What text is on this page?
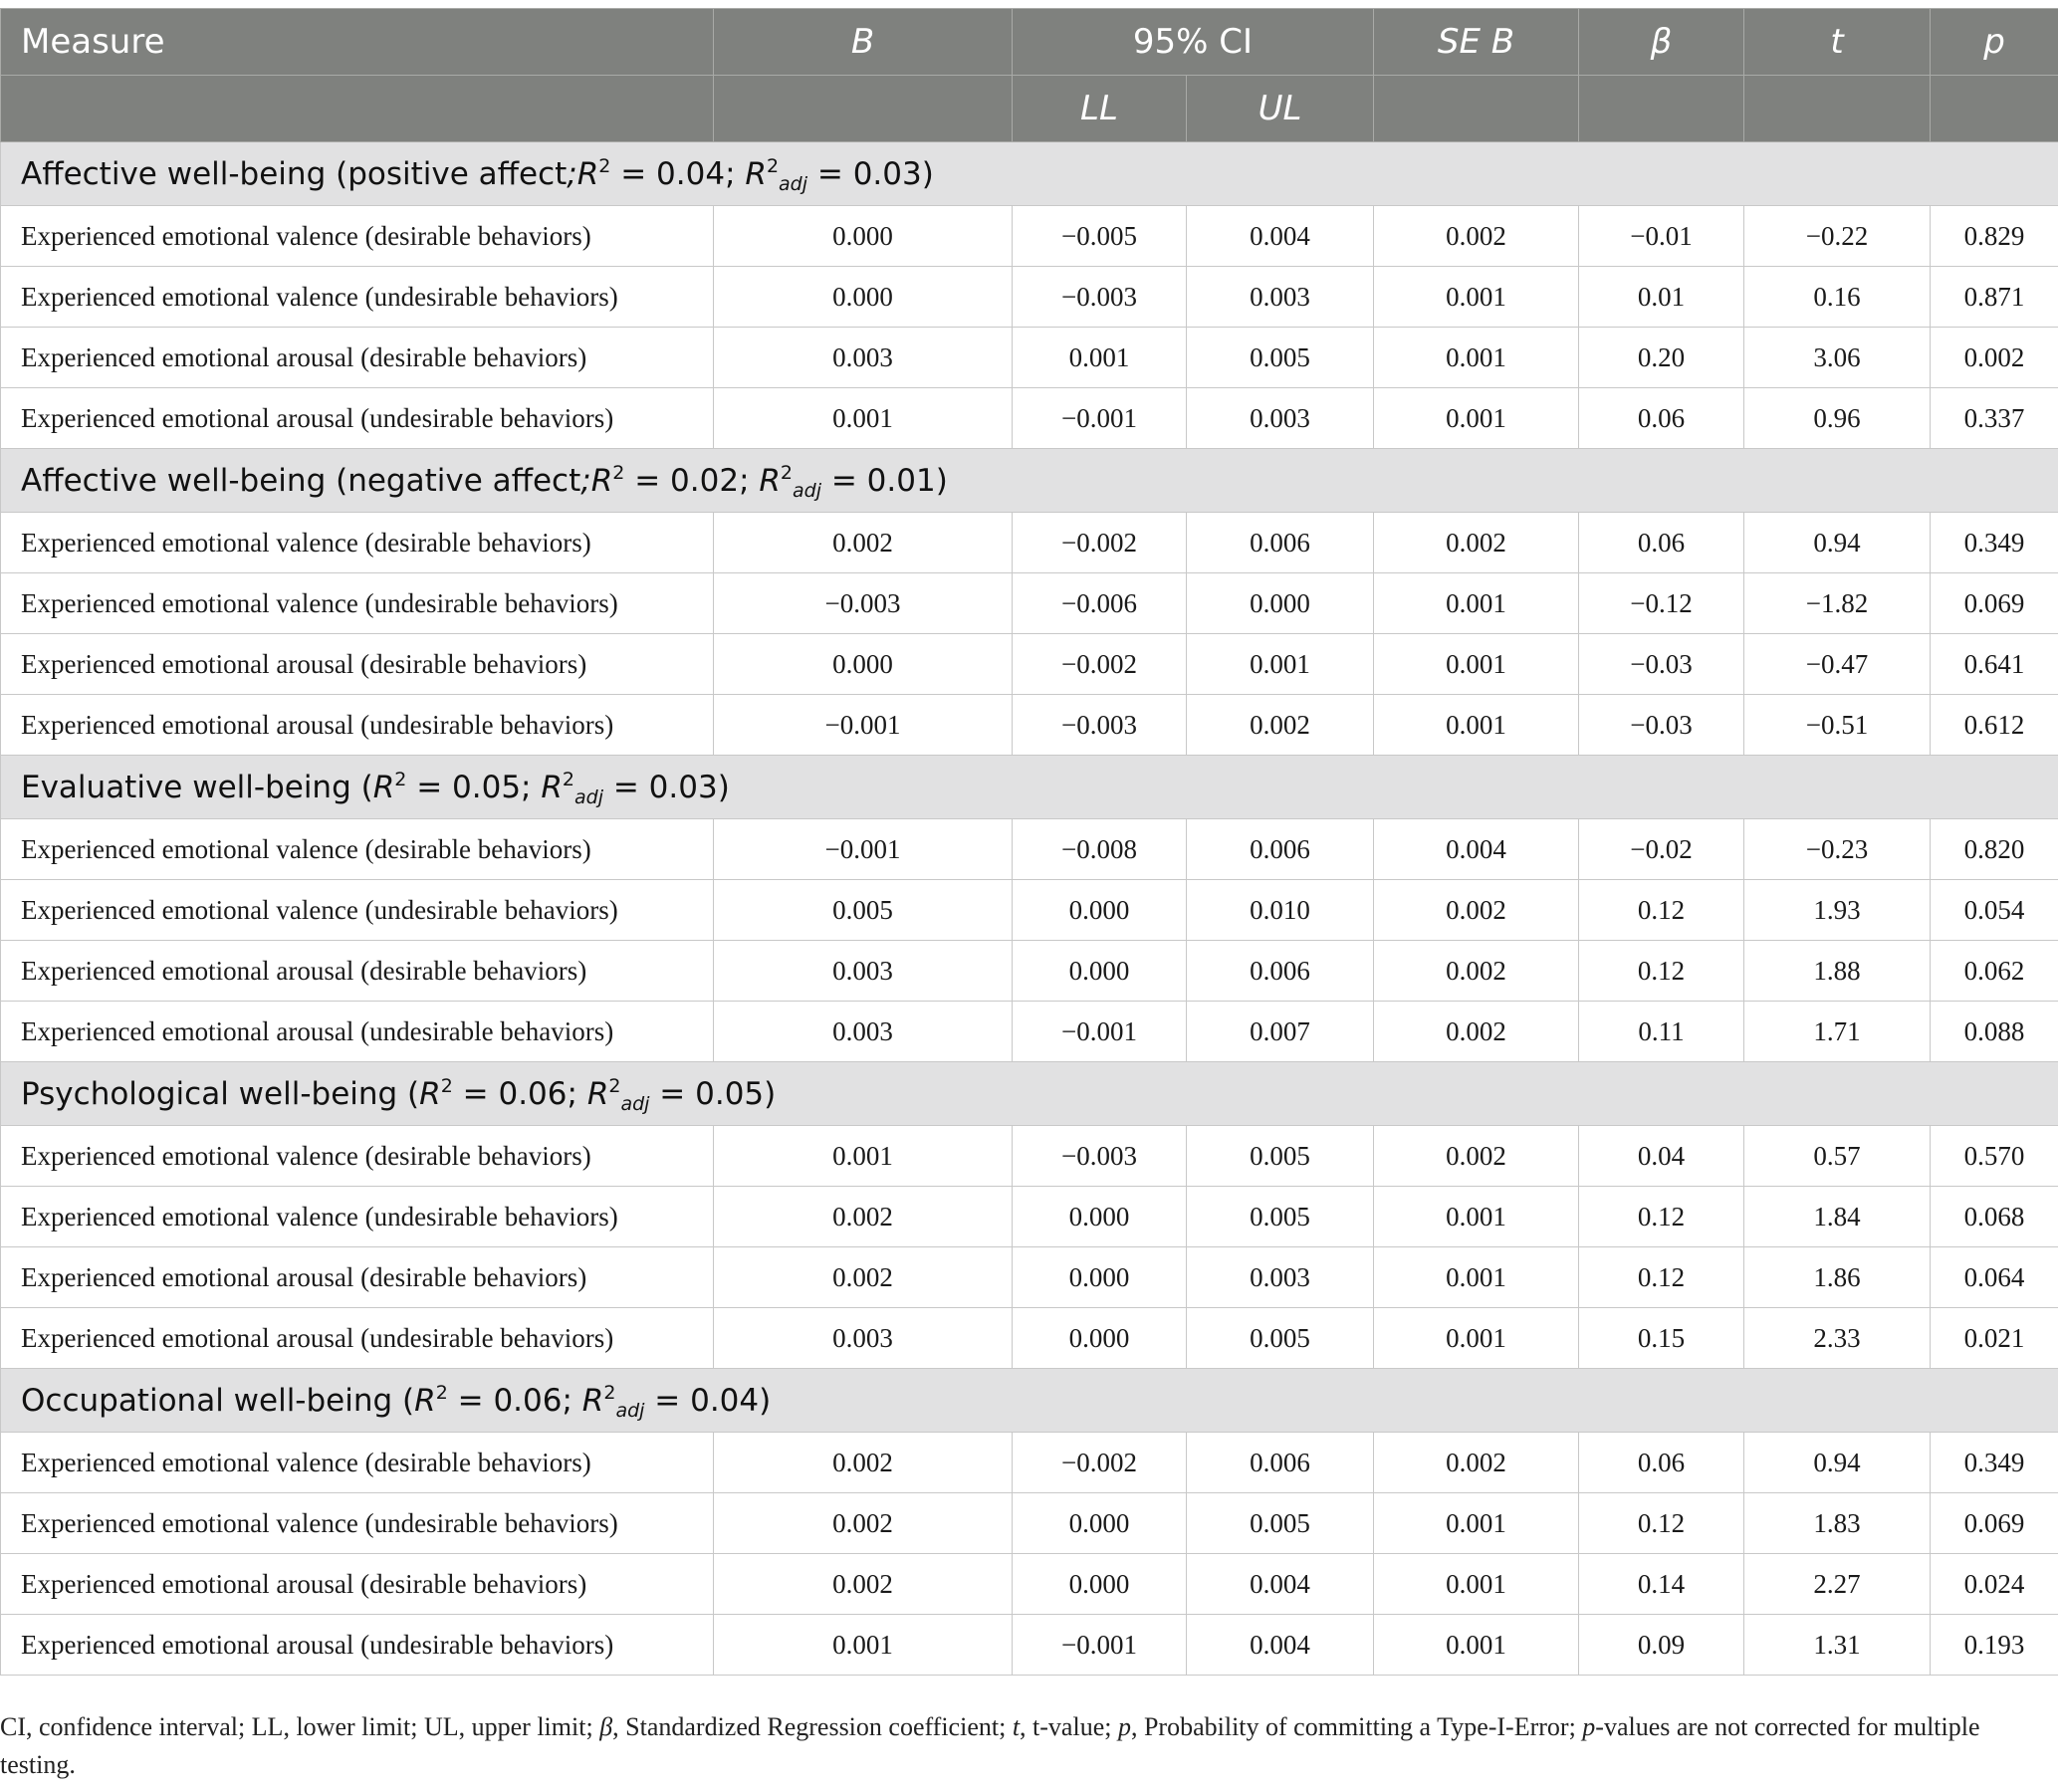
Measure	B	95% CI		SE B	β	t	p
		LL	UL				
Affective well-being (positive $affect;R^2 = 0.04$; $R^2_{adj} = 0.03$)							
Experienced emotional valence (desirable behaviors)	0.000	−0.005	0.004	0.002	−0.01	−0.22	0.829
Experienced emotional valence (undesirable behaviors)	0.000	−0.003	0.003	0.001	0.01	0.16	0.871
Experienced emotional arousal (desirable behaviors)	0.003	0.001	0.005	0.001	0.20	3.06	0.002
Experienced emotional arousal (undesirable behaviors)	0.001	−0.001	0.003	0.001	0.06	0.96	0.337
Affective well-being (negative $affect;R^2 = 0.02$; $R^2_{adj} = 0.01$)							
Experienced emotional valence (desirable behaviors)	0.002	−0.002	0.006	0.002	0.06	0.94	0.349
Experienced emotional valence (undesirable behaviors)	−0.003	−0.006	0.000	0.001	−0.12	−1.82	0.069
Experienced emotional arousal (desirable behaviors)	0.000	−0.002	0.001	0.001	−0.03	−0.47	0.641
Experienced emotional arousal (undesirable behaviors)	−0.001	−0.003	0.002	0.001	−0.03	−0.51	0.612
Evaluative well-being ($R^2 = 0.05$; $R^2_{adj} = 0.03$)							
Experienced emotional valence (desirable behaviors)	−0.001	−0.008	0.006	0.004	−0.02	−0.23	0.820
Experienced emotional valence (undesirable behaviors)	0.005	0.000	0.010	0.002	0.12	1.93	0.054
Experienced emotional arousal (desirable behaviors)	0.003	0.000	0.006	0.002	0.12	1.88	0.062
Experienced emotional arousal (undesirable behaviors)	0.003	−0.001	0.007	0.002	0.11	1.71	0.088
Psychological well-being ($R^2 = 0.06$; $R^2_{adj} = 0.05$)							
Experienced emotional valence (desirable behaviors)	0.001	−0.003	0.005	0.002	0.04	0.57	0.570
Experienced emotional valence (undesirable behaviors)	0.002	0.000	0.005	0.001	0.12	1.84	0.068
Experienced emotional arousal (desirable behaviors)	0.002	0.000	0.003	0.001	0.12	1.86	0.064
Experienced emotional arousal (undesirable behaviors)	0.003	0.000	0.005	0.001	0.15	2.33	0.021
Occupational well-being ($R^2 = 0.06$; $R^2_{adj} = 0.04$)							
Experienced emotional valence (desirable behaviors)	0.002	−0.002	0.006	0.002	0.06	0.94	0.349
Experienced emotional valence (undesirable behaviors)	0.002	0.000	0.005	0.001	0.12	1.83	0.069
Experienced emotional arousal (desirable behaviors)	0.002	0.000	0.004	0.001	0.14	2.27	0.024
Experienced emotional arousal (undesirable behaviors)	0.001	−0.001	0.004	0.001	0.09	1.31	0.193
CI, confidence interval; LL, lower limit; UL, upper limit; β, Standardized Regression coefficient; t, t-value; p, Probability of committing a Type-I-Error; p-values are not corrected for multiple testing.
